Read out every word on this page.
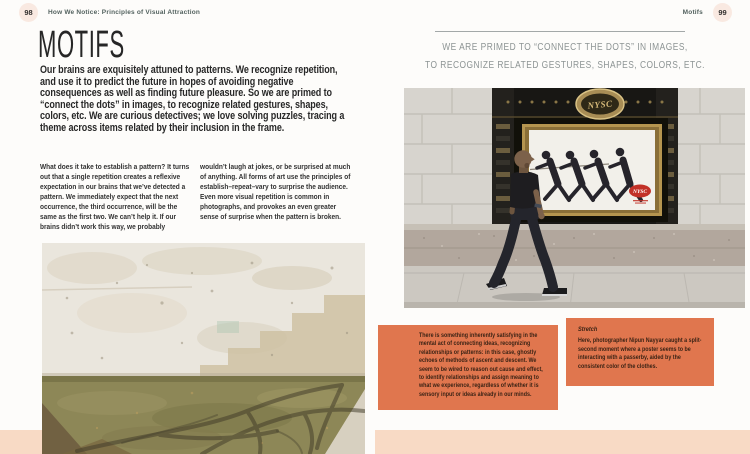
98 How We Notice: Principles of Visual Attraction
MOTIFS
Our brains are exquisitely attuned to patterns. We recognize repetition, and use it to predict the future in hopes of avoiding negative consequences as well as finding future pleasure. So we are primed to “connect the dots” in images, to recognize related gestures, shapes, colors, etc. We are curious detectives; we love solving puzzles, tracing a theme across items related by their inclusion in the frame.
What does it take to establish a pattern? It turns out that a single repetition creates a reflexive expectation in our brains that we’ve detected a pattern. We immediately expect that the next occurrence, the third occurrence, will be the same as the first two. We can’t help it. If our brains didn’t work this way, we probably
wouldn’t laugh at jokes, or be surprised at much of anything. All forms of art use the principles of establish–repeat–vary to surprise the audience. Even more visual repetition is common in photographs, and provokes an even greater sense of surprise when the pattern is broken.
Motifs 99
WE ARE PRIMED TO “CONNECT THE DOTS” IN IMAGES,
TO RECOGNIZE RELATED GESTURES, SHAPES, COLORS, ETC.
NYSC
NYSC
There is something inherently satisfying in the mental act of connecting ideas, recognizing relationships or patterns: in this case, ghostly echoes of methods of ascent and descent. We seem to be wired to reason out cause and effect, to identify relationships and assign meaning to what we experience, regardless of whether it is sensory input or ideas already in our minds.
Stretch
Here, photographer Nipun Nayyar caught a split-second moment where a poster seems to be interacting with a passerby, aided by the consistent color of the clothes.
